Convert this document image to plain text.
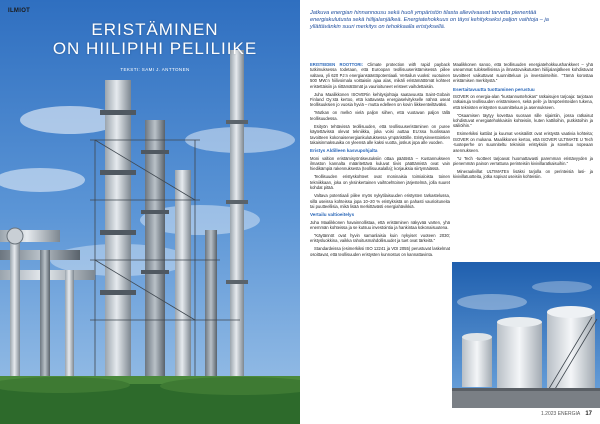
ILMIOT
ERISTÄMINEN
ON HIILIPIHI PELILIIKE
TEKSTI: SAMI J. ANTTONEN
Jatkuva energian hinnannousu sekä huoli ympäristön tilasta alleviivaavat tarvetta pienentää energiakulutusta sekä hiilijalanjälkeä. Energiatehokkuus on täysi kehitykseksi paljon vaihtoja – ja yllättävänkin suuri merkitys on tehokkaalla eristyksellä.

ERISTEIDEN ROOTTORI: Climate protection with rapid payback tutkimuksessa todetaan, että Euroopan teollisuuseristämisessä piilee valtava, yli 620 PJ:n energiansäästöpotentiaali. Vertailun vuoksi: vuotuinen 500 MW:n hiilivoimala voittaisiin ajaa alas, mikäli eristämättömät kohteet eristettäisiin ja riittämättömät ja vaurioituneet eristeet vaihdettaisiin.

Juha Maalikkonen ISOVERin kehitysjohtaja saatavuusta Saint-Gobain Finland Oy:stä kertoo, että kattavasta energiaselvitykselle nähnä useat teollisuuksien jo vuosia hyviä – mutta edelleen on kovin liikkeenteiltäväksi.

“Mutkan on melkö vielä paljon siihen, että vuotavan paljon tällä teollisuudessa.

Esityön tehtävissä teollisuuden, että teollisuuseristäminen on puree käytettävissä olevat tekniikka, joka voisi auttaa EU:ssa huolissaan tavoitteen kokonaisenergiankulutuksessa ympäristöille. Eristysinvestointien takaisinmaksuaika on yleensä alle kaksi vuotta, joskus jopa alle vuoden.

Eristys Aldilleen kasvupohjalta

Moni valtion eristämisyöntiseutuksiin ottaa päätöstä – Kustannukseen ilmaston kannalta määritettävä kuluvat tiivis päättämistä ovat vain hiedikämpiä rakennuksesta (teollisuusalalla); korjauksia siirtymäiässä.

Teollisuuden eristyskohteet ovat moninaisia toimialoista toinen tekniikkaan, joka on yksinkertainen vaihtoehtoinen järjestelmä, jolla suuret kohdat pitää.

Valtava potentiaali piilee myös nykytilaisuuden eristysten tarkastelussa, sillä useissa kohteissa jopa 10–20 % eristyksistä on pahasti vaurioituneita tai puutteellisia, mikä lisää merkittävästi energiahävikkiä.

Vertailu valtioeitelys

Juha Maalikkonen havainnollistaa, että eristäminen näkyvää varten, yhä enemmän kohteissa ja se kutsuu investointia ja hankintaa kokonaisuutena.

“Käytännöt ovat hyvin samanlaisia kuin nykyiset vuoteen 2030; eristysluokkina, vaikka rahoitusmahdollisuudet ja tuet ovat tärkeitä.”

Standardeissa (esimerkiksi ISO 12241 ja VDI 2055) perustuvat laskelmat osoittavat, että teollisuuden eristysten kunnostus on kannattavinta.

Maalikkonen sanoo, että teollisuuden energiatehokkuushankkeet – yhä useammat tuloksellisissa ja ilmastovaikutusten hiilijalanjälkeen kohdistuvat tavoitteet vaikuttavat suunnitteluun ja investointeihin. “Tämä korostaa eristämisen merkitystä.”

Esertaitavuutta tuottaminen perustuu

ISOVER on energia-alan “kustannustehokas” ratkaisujen tarjoaja: tarjotaan ratkaisuja teollisuuden eristämiseen, sekä pelit- ja lämpöeristeiden tukena, että teknisten eristysten suunnitteluun ja asennukseen.

“Osaamisen täytyy kovettaa suoraan sille sijaintiin, jossa ratkaisut kohdistuvat energiatehokkaisiin kohteisiin, kuten kattiloihin, putkistoihin ja säiliöihin.”

Esimerkiksi kattilat ja kuumat vesisäiliöt ovat eristystä vaativia kohteita; ISOVER on mukana. Maalikkonen kertoo, että ISOVER ULTIMATE U Tech -tuoteperhe on suunniteltu teknisiin eristyksiin ja soveltuu nopeaan asennukseen.

“U Tech -tuotteet tarjoavat huomattavasti paremman eristävyyden ja pienemmän painon verrattuna perinteisiin kivivillaratkaisuihin.”

Mineraalivillat ULTIMATEn lisäksi tarjolla on perinteisiä lasi- ja kivivillatuotteita, jotka sopivat useisiin kohteisiin.

1.2023 ENERGIA 17
